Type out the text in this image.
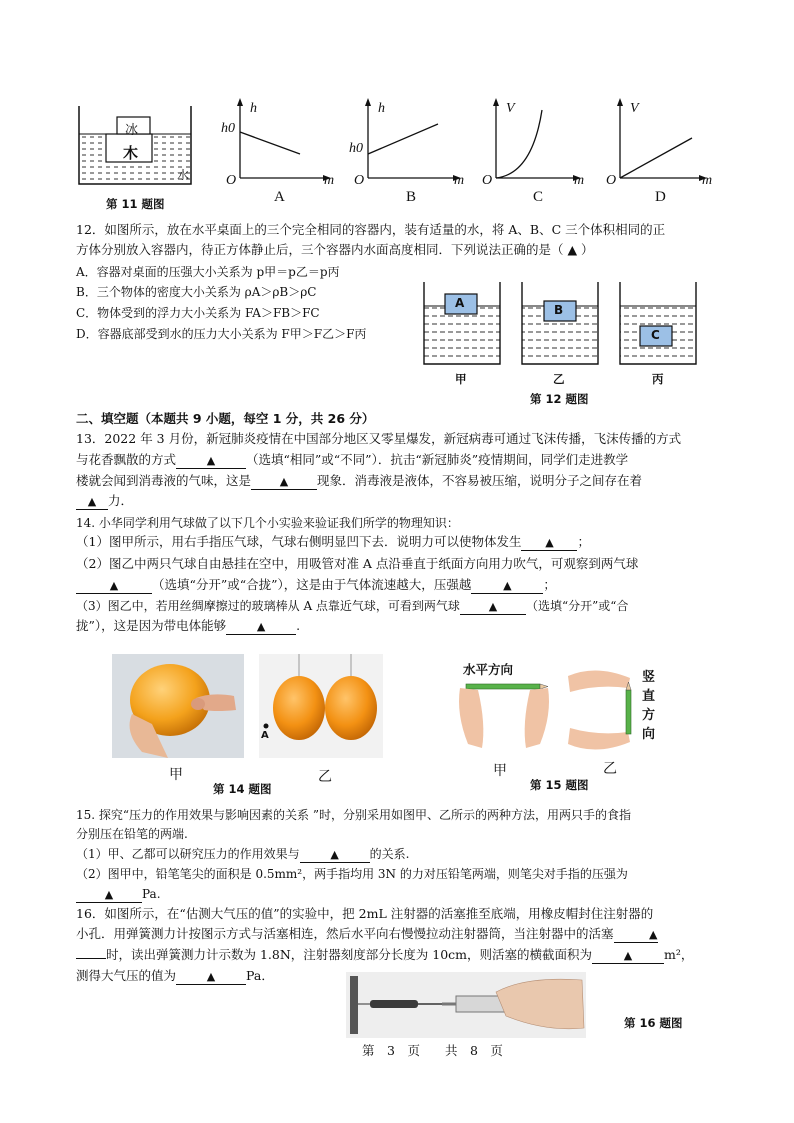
冰
木
水
第 11 题图
h
h0
O	m
A
h
h0
O	m
B
V
O	m
C
V
O	m
D
12．如图所示，放在水平桌面上的三个完全相同的容器内，装有适量的水，将 A、B、C 三个体积相同的正
方体分别放入容器内，待正方体静止后，三个容器内水面高度相同．下列说法正确的是（ ▲ ）
A．容器对桌面的压强大小关系为 p甲＝p乙＝p丙
B．三个物体的密度大小关系为 ρA＞ρB＞ρC
C．物体受到的浮力大小关系为 FA＞FB＞FC
D．容器底部受到水的压力大小关系为 F甲＞F乙＞F丙
A	B
C
甲	乙	丙
第 12 题图
二、填空题（本题共 9 小题，每空 1 分，共 26 分）
13．2022 年 3 月份，新冠肺炎疫情在中国部分地区又零星爆发，新冠病毒可通过飞沫传播，飞沫传播的方式
与花香飘散的方式	▲ （选填“相同”或“不同”）．抗击“新冠肺炎”疫情期间，同学们走进教学
楼就会闻到消毒液的气味，这是	▲ 现象．消毒液是液体，不容易被压缩，说明分子之间存在着
▲ 力．
14. 小华同学利用气球做了以下几个小实验来验证我们所学的物理知识：
（1）图甲所示，用右手指压气球，气球右侧明显凹下去．说明力可以使物体发生 ▲ ；
（2）图乙中两只气球自由悬挂在空中，用吸管对准 A 点沿垂直于纸面方向用力吹气，可观察到两气球
▲	（选填“分开”或“合拢”），这是由于气体流速越大，压强越	▲	；
（3）图乙中，若用丝绸摩擦过的玻璃棒从 A 点靠近气球，可看到两气球	▲ （选填“分开”或“合
拢”），这是因为带电体能够	▲ .
A
甲	乙
第 14 题图
水平方向
竖
直
方
向
甲	乙
第 15 题图
15. 探究“压力的作用效果与影响因素的关系 ”时，分别采用如图甲、乙所示的两种方法，用两只手的食指
分别压在铅笔的两端.
（1）甲、乙都可以研究压力的作用效果与	▲	的关系.
（2）图甲中，铅笔笔尖的面积是 0.5mm²，两手指均用 3N 的力对压铅笔两端，则笔尖对手指的压强为
▲ Pa.
16．如图所示，在“估测大气压的值”的实验中，把 2mL 注射器的活塞推至底端，用橡皮帽封住注射器的
小孔．用弹簧测力计按图示方式与活塞相连，然后水平向右慢慢拉动注射器筒，当注射器中的活塞	▲
时，读出弹簧测力计示数为 1.8N，注射器刻度部分长度为 10cm，则活塞的横截面积为	▲	m²，
测得大气压的值为	▲ Pa．
第 16 题图
第　3　页　　共　8　页
